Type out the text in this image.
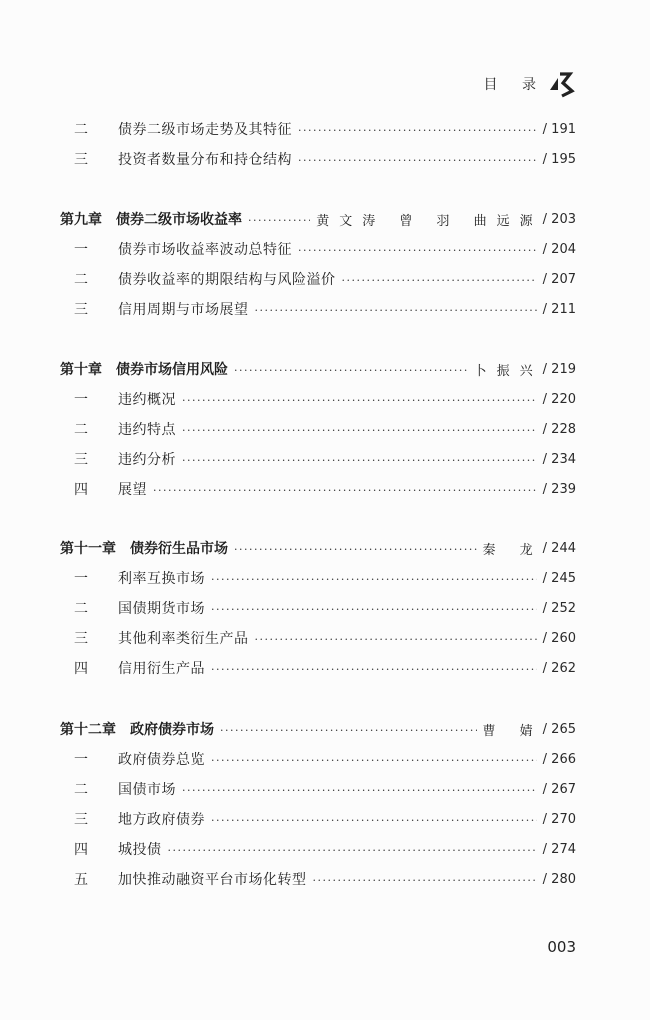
目 录
二	债券二级市场走势及其特征 ·····	/ 191
三	投资者数量分布和持仓结构 ·····	/ 195
第九章	债券二级市场收益率 ·····	黄文涛 曾 羽 曲远源 / 203
一	债券市场收益率波动总特征 ·····	/ 204
二	债券收益率的期限结构与风险溢价 ·····	/ 207
三	信用周期与市场展望 ·····	/ 211
第十章	债券市场信用风险 ·····	卜振兴 / 219
一	违约概况 ·····	/ 220
二	违约特点 ·····	/ 228
三	违约分析 ·····	/ 234
四	展望 ·····	/ 239
第十一章	债券衍生品市场 ·····	秦 龙 / 244
一	利率互换市场 ·····	/ 245
二	国债期货市场 ·····	/ 252
三	其他利率类衍生产品 ·····	/ 260
四	信用衍生产品 ·····	/ 262
第十二章	政府债券市场 ·····	曹 婧 / 265
一	政府债券总览 ·····	/ 266
二	国债市场 ·····	/ 267
三	地方政府债券 ·····	/ 270
四	城投债 ·····	/ 274
五	加快推动融资平台市场化转型 ·····	/ 280
003
